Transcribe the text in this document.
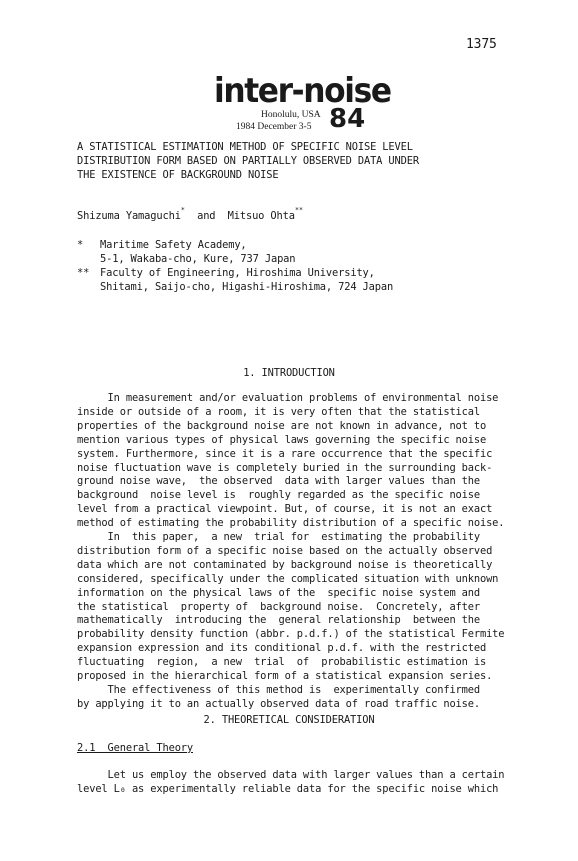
1375
inter-noise
Honolulu, USA
1984 December 3-5 84
A STATISTICAL ESTIMATION METHOD OF SPECIFIC NOISE LEVEL
DISTRIBUTION FORM BASED ON PARTIALLY OBSERVED DATA UNDER
THE EXISTENCE OF BACKGROUND NOISE
Shizuma Yamaguchi* and Mitsuo Ohta**
* Maritime Safety Academy,
5-1, Wakaba-cho, Kure, 737 Japan
** Faculty of Engineering, Hiroshima University,
Shitami, Saijo-cho, Higashi-Hiroshima, 724 Japan
1. INTRODUCTION
In measurement and/or evaluation problems of environmental noise
inside or outside of a room, it is very often that the statistical
properties of the background noise are not known in advance, not to
mention various types of physical laws governing the specific noise
system. Furthermore, since it is a rare occurrence that the specific
noise fluctuation wave is completely buried in the surrounding back-
ground noise wave,  the observed  data with larger values than the
background  noise level is  roughly regarded as the specific noise
level from a practical viewpoint. But, of course, it is not an exact
method of estimating the probability distribution of a specific noise.
In  this paper,  a new  trial for  estimating the probability
distribution form of a specific noise based on the actually observed
data which are not contaminated by background noise is theoretically
considered, specifically under the complicated situation with unknown
information on the physical laws of the  specific noise system and
the statistical  property of  background noise.  Concretely, after
mathematically  introducing the  general relationship  between the
probability density function (abbr. p.d.f.) of the statistical Fermite
expansion expression and its conditional p.d.f. with the restricted
fluctuating  region,  a new  trial  of  probabilistic estimation is
proposed in the hierarchical form of a statistical expansion series.
The effectiveness of this method is  experimentally confirmed
by applying it to an actually observed data of road traffic noise.
2. THEORETICAL CONSIDERATION
2.1  General Theory
Let us employ the observed data with larger values than a certain
level L₀ as experimentally reliable data for the specific noise which
